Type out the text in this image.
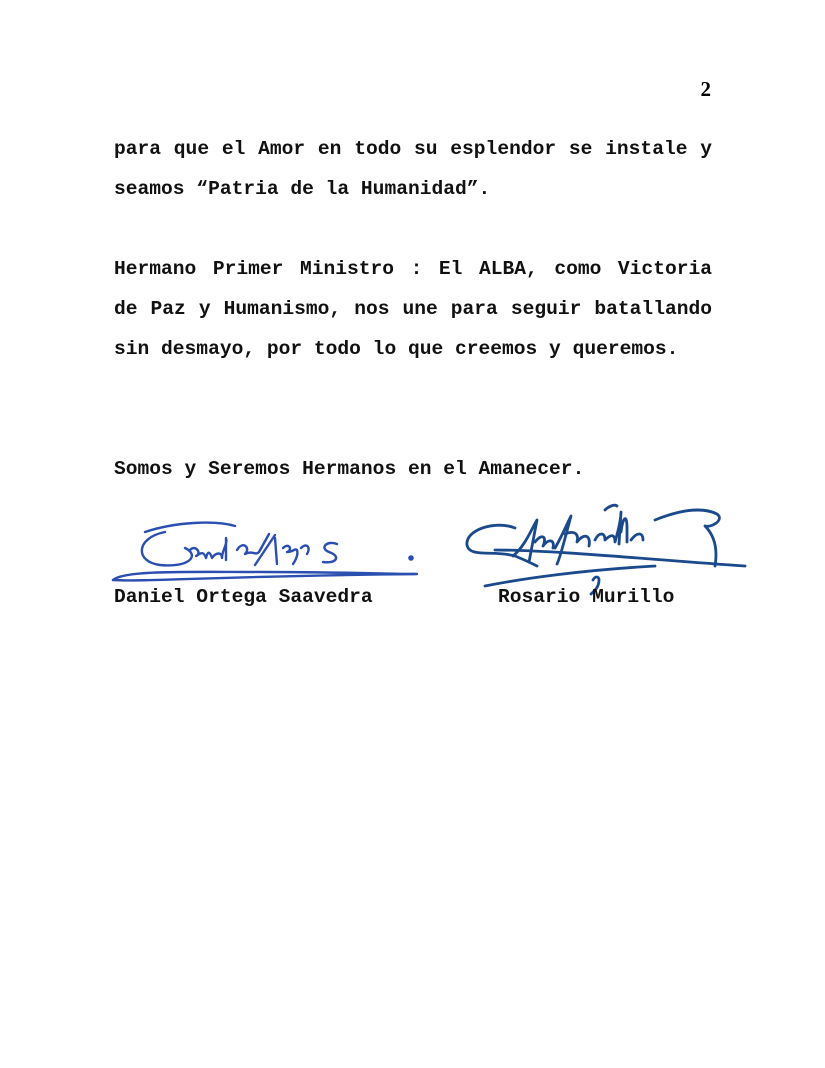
2

para que el Amor en todo su esplendor se instale y seamos “Patria de la Humanidad”.

Hermano Primer Ministro : El ALBA, como Victoria de Paz y Humanismo, nos une para seguir batallando sin desmayo, por todo lo que creemos y queremos.

Somos y Seremos Hermanos en el Amanecer.

Daniel Ortega Saavedra	Rosario Murillo
